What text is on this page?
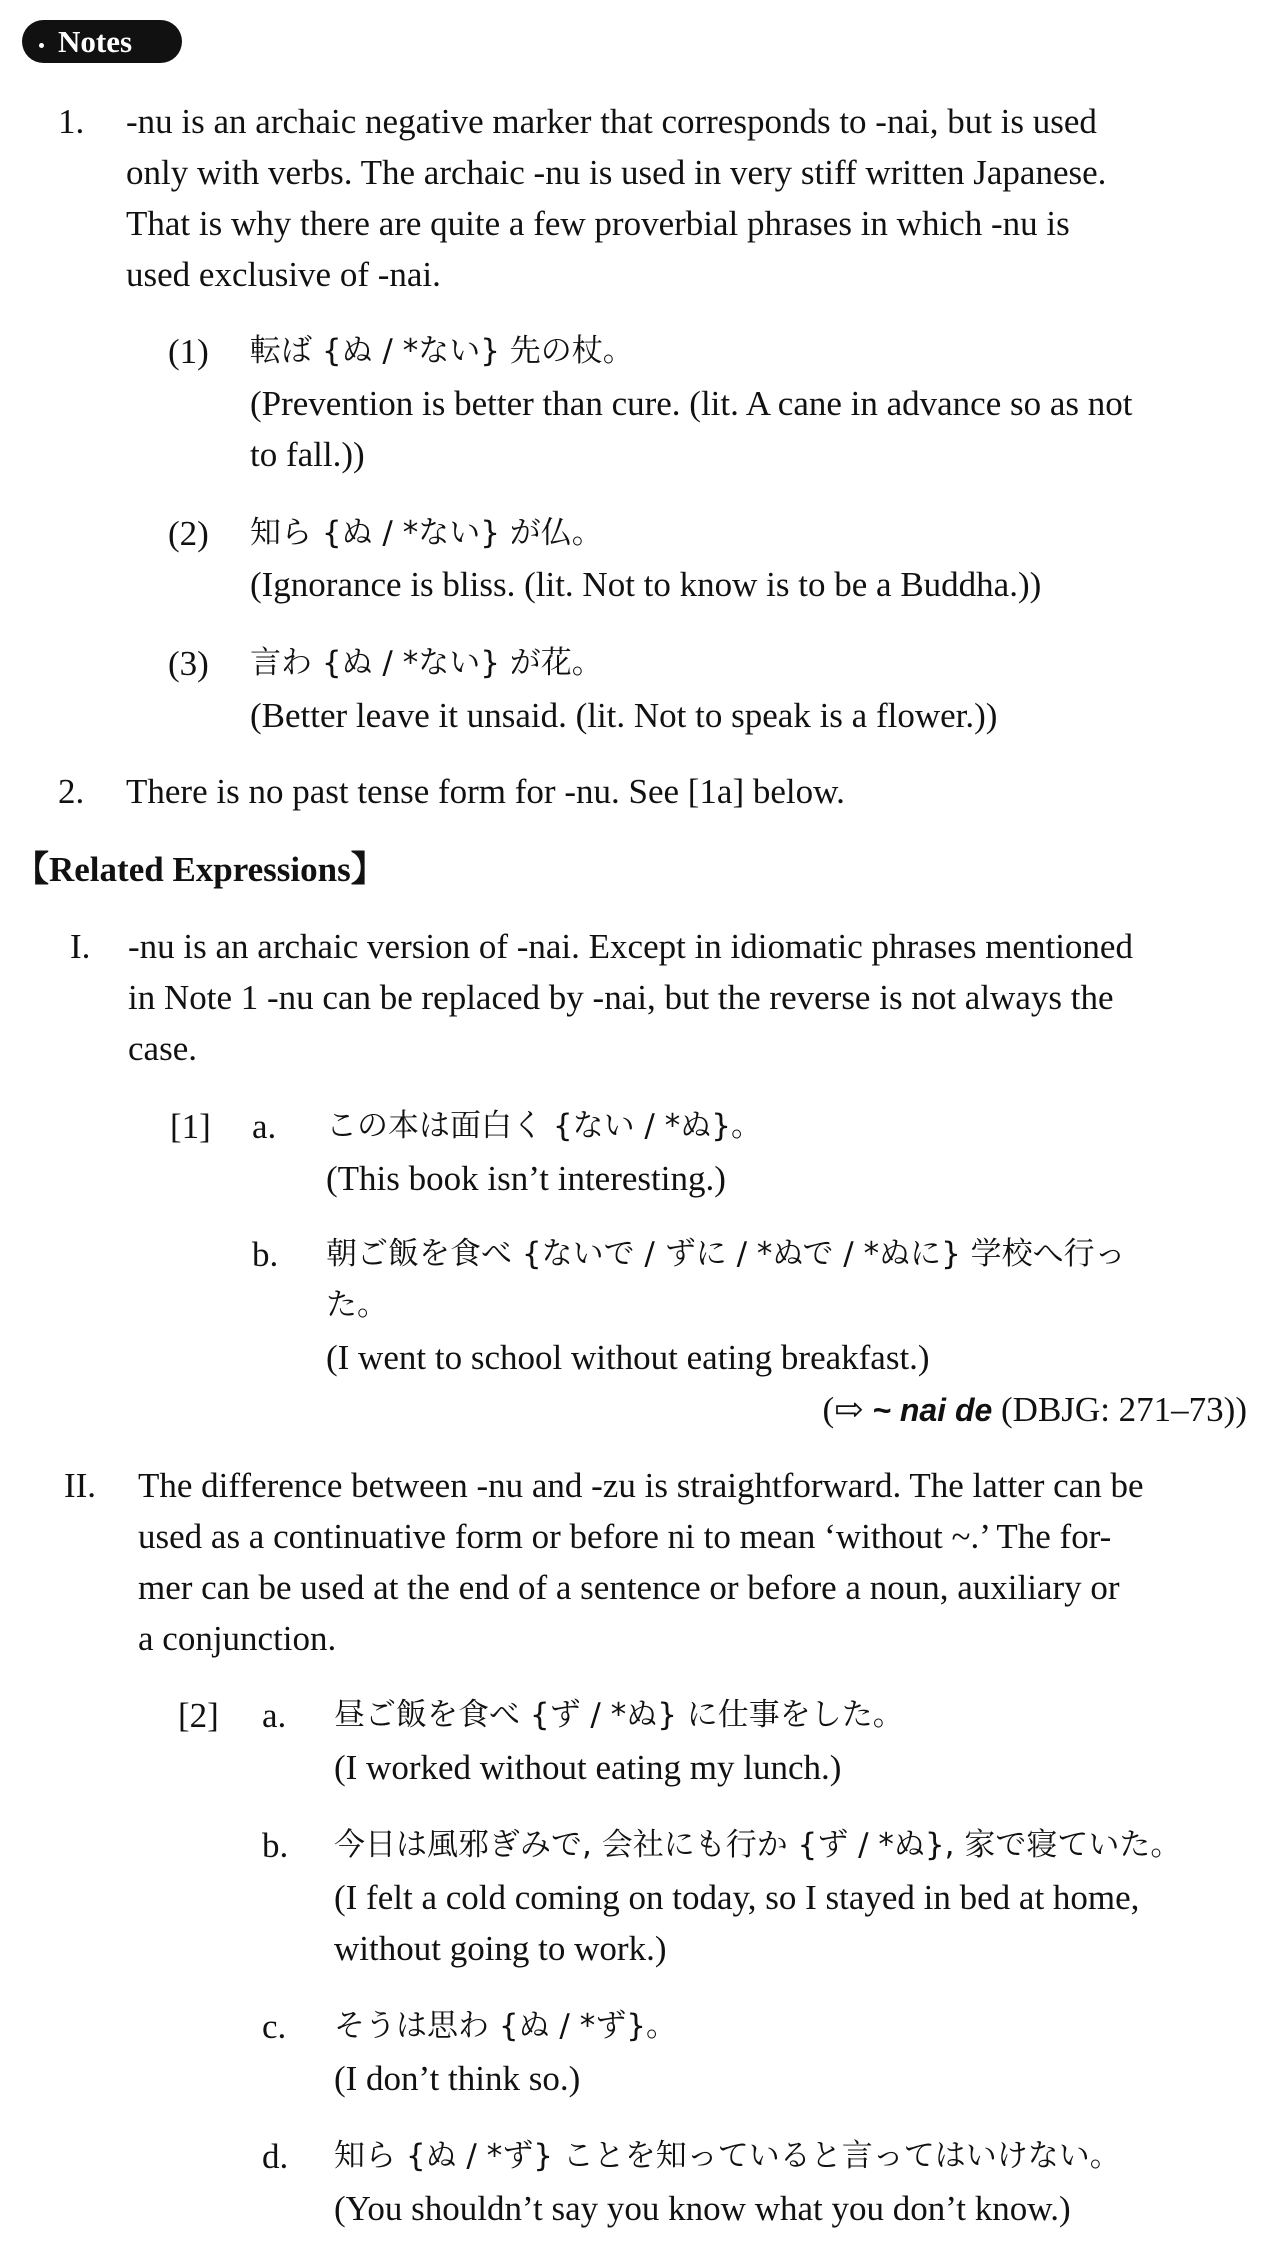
Notes
1. -nu is an archaic negative marker that corresponds to -nai, but is used
only with verbs. The archaic -nu is used in very stiff written Japanese.
That is why there are quite a few proverbial phrases in which -nu is
used exclusive of -nai.
(1) 転ば {ぬ / *ない} 先の杖。
(Prevention is better than cure. (lit. A cane in advance so as not
to fall.))
(2) 知ら {ぬ / *ない} が仏。
(Ignorance is bliss. (lit. Not to know is to be a Buddha.))
(3) 言わ {ぬ / *ない} が花。
(Better leave it unsaid. (lit. Not to speak is a flower.))
2. There is no past tense form for -nu. See [1a] below.
【Related Expressions】
I. -nu is an archaic version of -nai. Except in idiomatic phrases mentioned
in Note 1 -nu can be replaced by -nai, but the reverse is not always the
case.
[1] a. この本は面白く {ない / *ぬ}。
(This book isn’t interesting.)
b. 朝ご飯を食べ {ないで / ずに / *ぬで / *ぬに} 学校へ行っ
た。
(I went to school without eating breakfast.)
(⇨ ~ nai de (DBJG: 271–73))
II. The difference between -nu and -zu is straightforward. The latter can be
used as a continuative form or before ni to mean ‘without ~.’ The for-
mer can be used at the end of a sentence or before a noun, auxiliary or
a conjunction.
[2] a. 昼ご飯を食べ {ず / *ぬ} に仕事をした。
(I worked without eating my lunch.)
b. 今日は風邪ぎみで, 会社にも行か {ず / *ぬ}, 家で寝ていた。
(I felt a cold coming on today, so I stayed in bed at home,
without going to work.)
c. そうは思わ {ぬ / *ず}。
(I don’t think so.)
d. 知ら {ぬ / *ず} ことを知っていると言ってはいけない。
(You shouldn’t say you know what you don’t know.)
